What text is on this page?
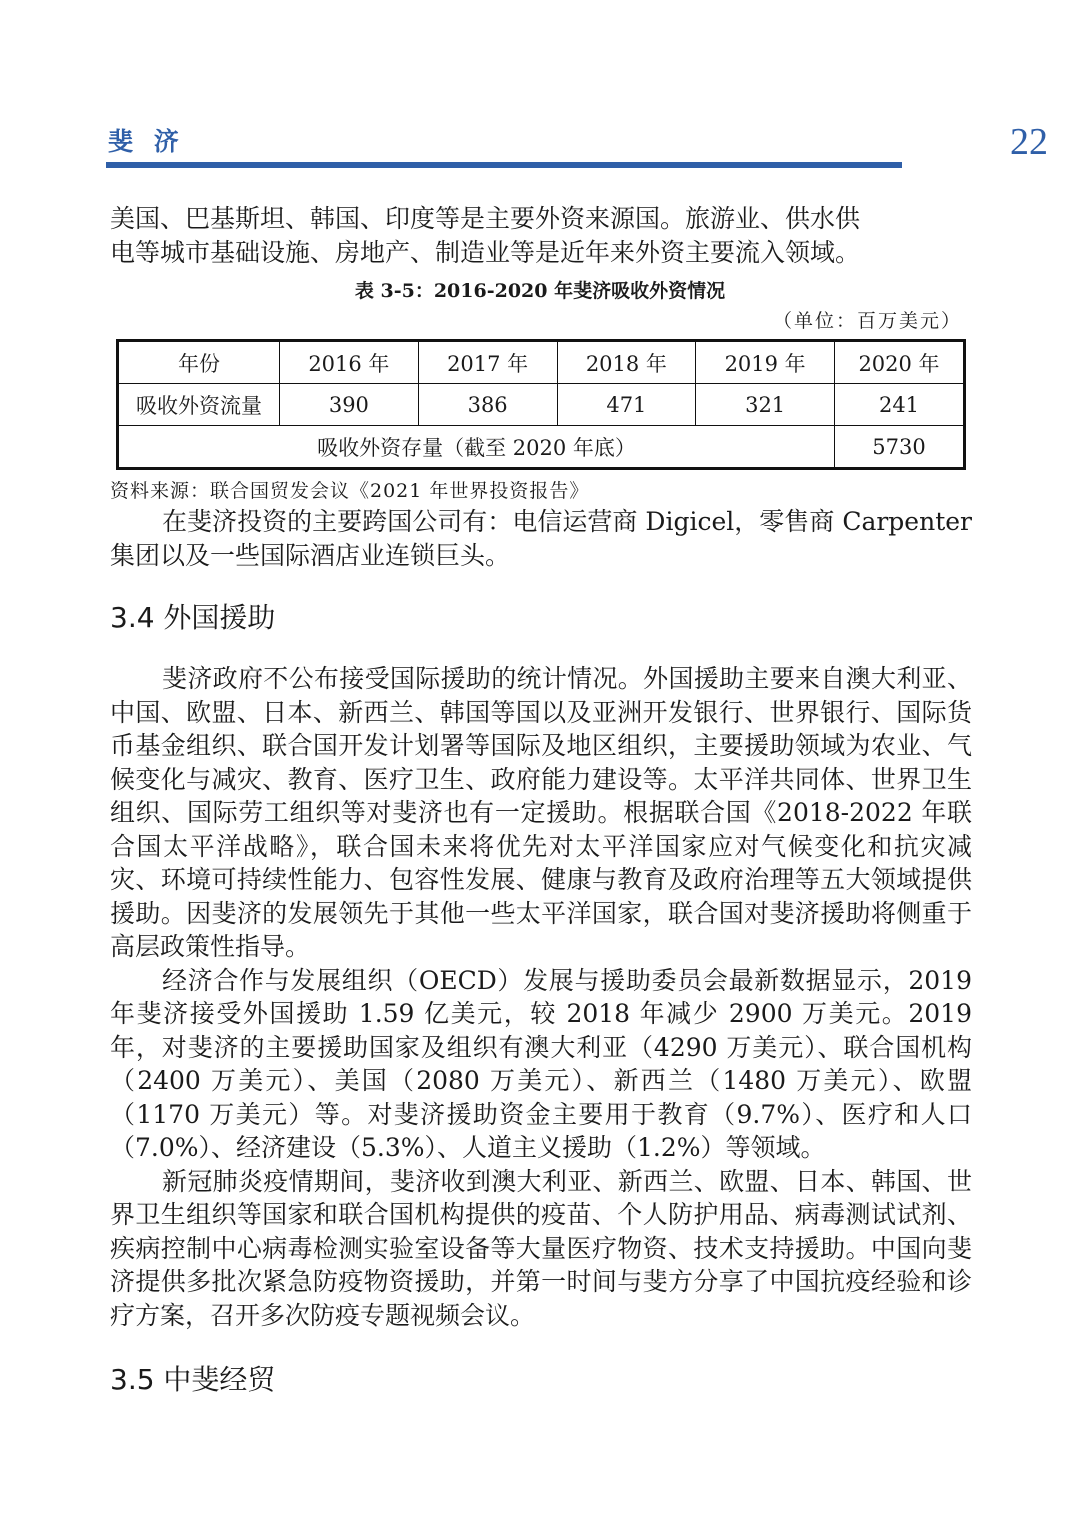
斐 济	22

美国、巴基斯坦、韩国、印度等是主要外资来源国。旅游业、供水供

电等城市基础设施、房地产、制造业等是近年来外资主要流入领域。

表 3-5：2016-2020 年斐济吸收外资情况
（单位：百万美元）
年份	2016 年	2017 年	2018 年	2019 年	2020 年
吸收外资流量	390	386	471	321	241
吸收外资存量（截至 2020 年底）					5730
资料来源：联合国贸发会议《2021 年世界投资报告》
在斐济投资的主要跨国公司有：电信运营商 Digicel，零售商 Carpenter 集团以及一些国际酒店业连锁巨头。
3.4 外国援助

斐济政府不公布接受国际援助的统计情况。外国援助主要来自澳大利亚、中国、欧盟、日本、新西兰、韩国等国以及亚洲开发银行、世界银行、国际货币基金组织、联合国开发计划署等国际及地区组织，主要援助领域为农业、气候变化与减灾、教育、医疗卫生、政府能力建设等。太平洋共同体、世界卫生组织、国际劳工组织等对斐济也有一定援助。根据联合国《2018-2022 年联合国太平洋战略》，联合国未来将优先对太平洋国家应对气候变化和抗灾减灾、环境可持续性能力、包容性发展、健康与教育及政府治理等五大领域提供援助。因斐济的发展领先于其他一些太平洋国家，联合国对斐济援助将侧重于高层政策性指导。

经济合作与发展组织（OECD）发展与援助委员会最新数据显示，2019 年斐济接受外国援助 1.59 亿美元，较 2018 年减少 2900 万美元。2019 年，对斐济的主要援助国家及组织有澳大利亚（4290 万美元）、联合国机构（2400 万美元）、美国（2080 万美元）、新西兰（1480 万美元）、欧盟（1170 万美元）等。对斐济援助资金主要用于教育（9.7%）、医疗和人口（7.0%）、经济建设（5.3%）、人道主义援助（1.2%）等领域。

新冠肺炎疫情期间，斐济收到澳大利亚、新西兰、欧盟、日本、韩国、世界卫生组织等国家和联合国机构提供的疫苗、个人防护用品、病毒测试试剂、疾病控制中心病毒检测实验室设备等大量医疗物资、技术支持援助。中国向斐济提供多批次紧急防疫物资援助，并第一时间与斐方分享了中国抗疫经验和诊疗方案，召开多次防疫专题视频会议。

3.5 中斐经贸
